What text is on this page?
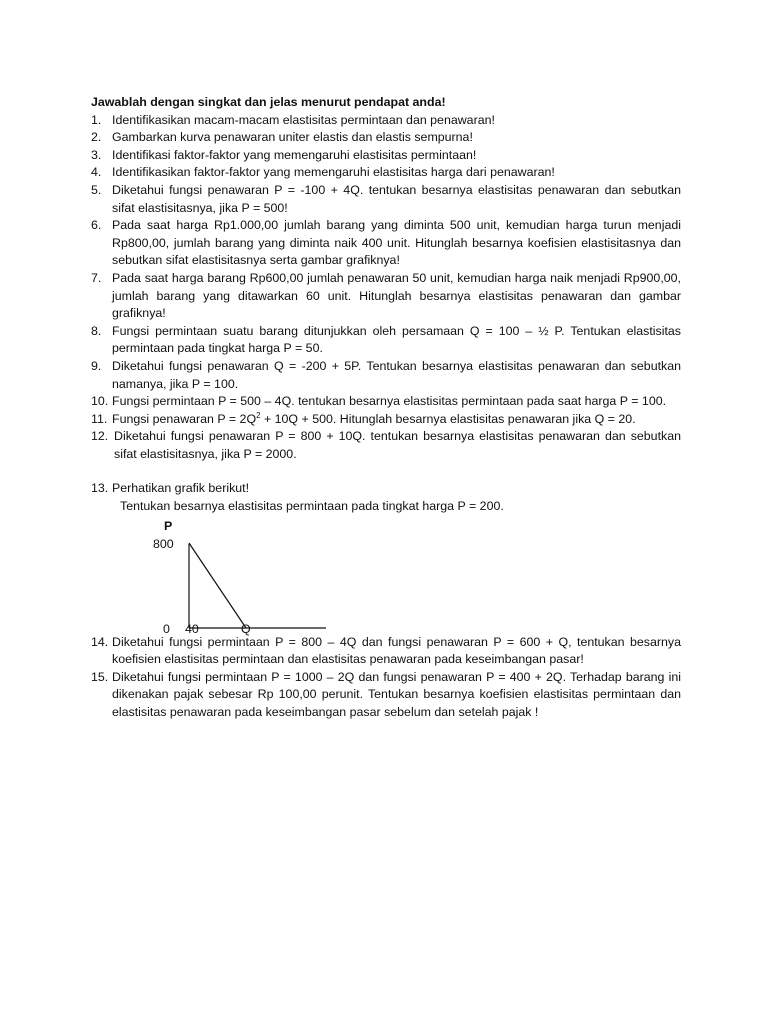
Jawablah dengan singkat dan jelas menurut pendapat anda!
1. Identifikasikan macam-macam elastisitas permintaan dan penawaran!
2. Gambarkan kurva penawaran uniter elastis dan elastis sempurna!
3. Identifikasi faktor-faktor yang memengaruhi elastisitas permintaan!
4. Identifikasikan faktor-faktor yang memengaruhi elastisitas harga dari penawaran!
5. Diketahui fungsi penawaran P = -100 + 4Q. tentukan besarnya elastisitas penawaran dan sebutkan sifat elastisitasnya, jika P = 500!
6. Pada saat harga Rp1.000,00 jumlah barang yang diminta 500 unit, kemudian harga turun menjadi Rp800,00, jumlah barang yang diminta naik 400 unit. Hitunglah besarnya koefisien elastisitasnya dan sebutkan sifat elastisitasnya serta gambar grafiknya!
7. Pada saat harga barang Rp600,00 jumlah penawaran 50 unit, kemudian harga naik menjadi Rp900,00, jumlah barang yang ditawarkan 60 unit. Hitunglah besarnya elastisitas penawaran dan gambar grafiknya!
8. Fungsi permintaan suatu barang ditunjukkan oleh persamaan Q = 100 – ½ P. Tentukan elastisitas permintaan pada tingkat harga P = 50.
9. Diketahui fungsi penawaran Q = -200 + 5P. Tentukan besarnya elastisitas penawaran dan sebutkan namanya, jika P = 100.
10. Fungsi permintaan P = 500 – 4Q. tentukan besarnya elastisitas permintaan pada saat harga P = 100.
11. Fungsi penawaran $P = 2Q^2 + 10Q + 500$. Hitunglah besarnya elastisitas penawaran jika Q = 20.
12. Diketahui fungsi penawaran P = 800 + 10Q. tentukan besarnya elastisitas penawaran dan sebutkan sifat elastisitasnya, jika P = 2000.
13. Perhatikan grafik berikut!
Tentukan besarnya elastisitas permintaan pada tingkat harga P = 200.
P
800
0 40	Q
14. Diketahui fungsi permintaan P = 800 – 4Q dan fungsi penawaran P = 600 + Q, tentukan besarnya koefisien elastisitas permintaan dan elastisitas penawaran pada keseimbangan pasar!
15. Diketahui fungsi permintaan P = 1000 – 2Q dan fungsi penawaran P = 400 + 2Q. Terhadap barang ini dikenakan pajak sebesar Rp 100,00 perunit. Tentukan besarnya koefisien elastisitas permintaan dan elastisitas penawaran pada keseimbangan pasar sebelum dan setelah pajak !
